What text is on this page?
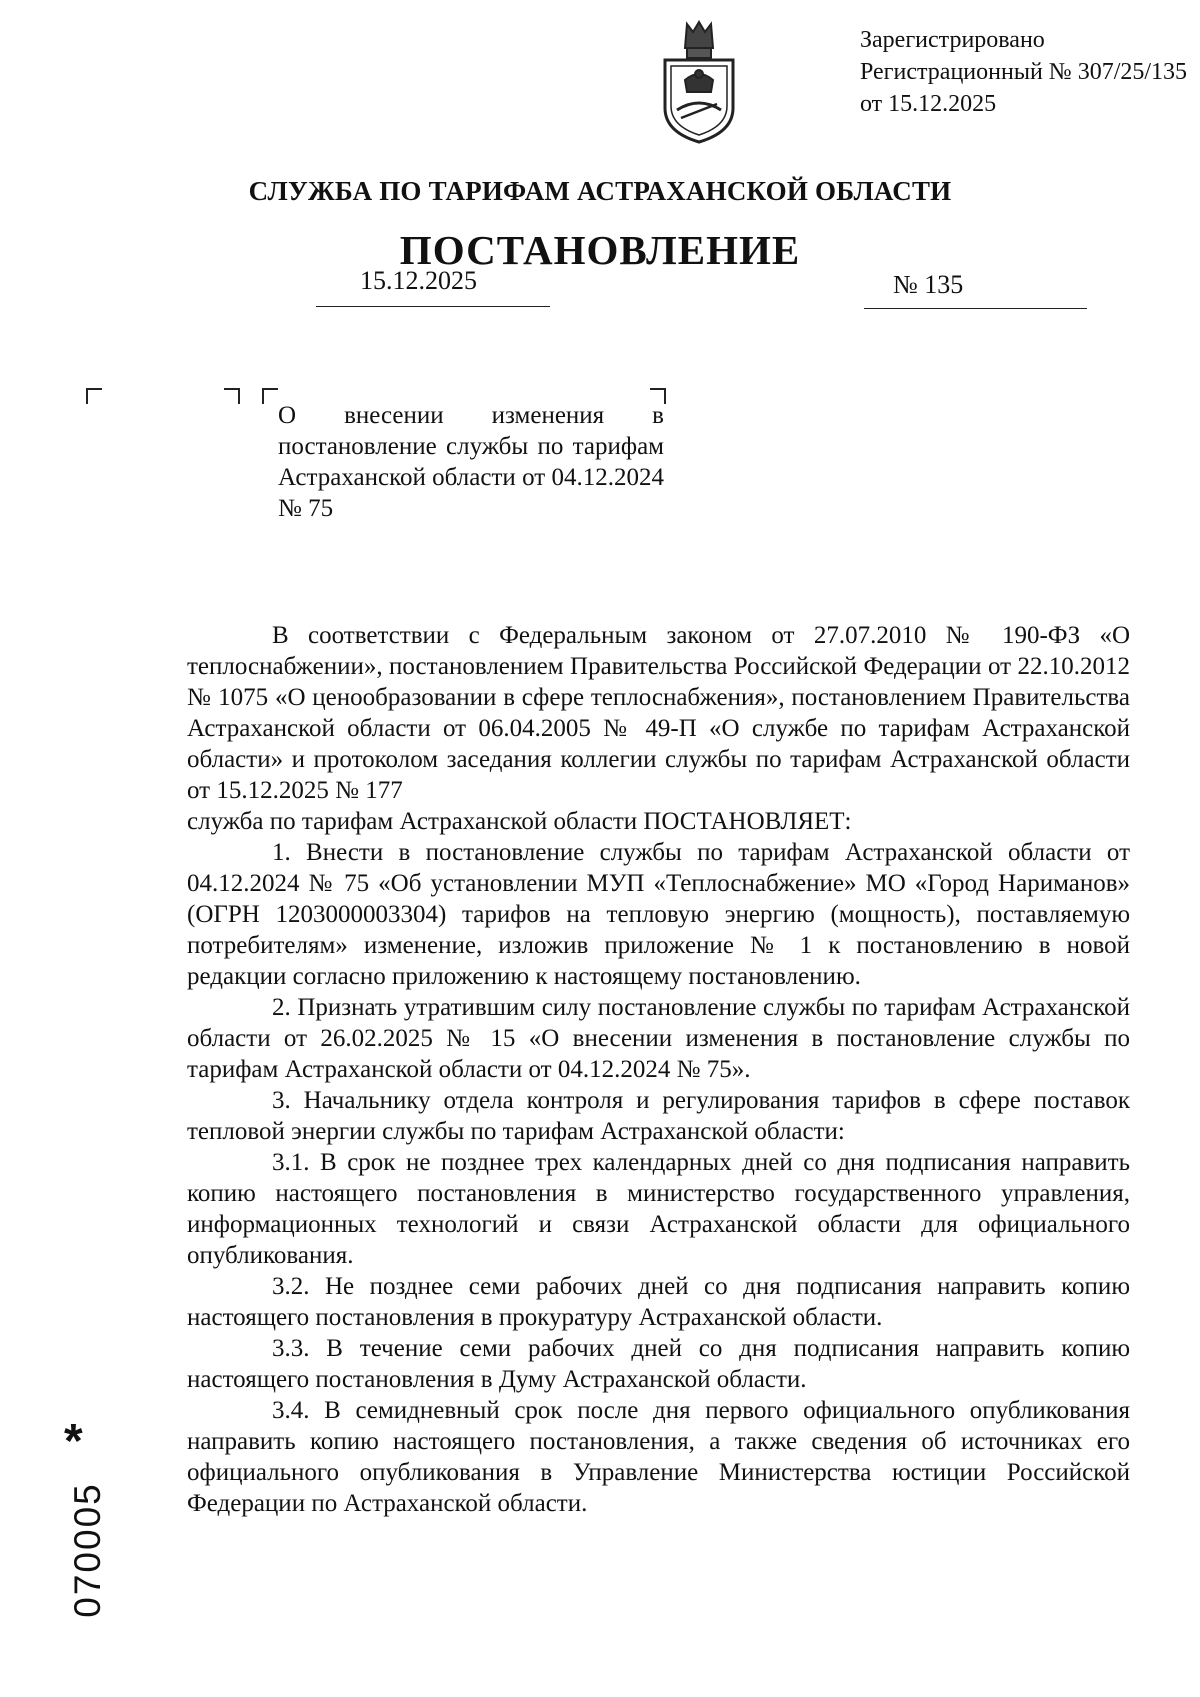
Зарегистрировано
Регистрационный № 307/25/135
от 15.12.2025
СЛУЖБА ПО ТАРИФАМ АСТРАХАНСКОЙ ОБЛАСТИ
ПОСТАНОВЛЕНИЕ
15.12.2025	№ 135
О внесении изменения в постановление службы по тарифам Астраханской области от 04.12.2024 № 75

В соответствии с Федеральным законом от 27.07.2010 № 190-ФЗ «О теплоснабжении», постановлением Правительства Российской Федерации от 22.10.2012 № 1075 «О ценообразовании в сфере теплоснабжения», постановлением Правительства Астраханской области от 06.04.2005 № 49-П «О службе по тарифам Астраханской области» и протоколом заседания коллегии службы по тарифам Астраханской области от 15.12.2025 № 177

служба по тарифам Астраханской области ПОСТАНОВЛЯЕТ:

1. Внести в постановление службы по тарифам Астраханской области от 04.12.2024 № 75 «Об установлении МУП «Теплоснабжение» МО «Город Нариманов» (ОГРН 1203000003304) тарифов на тепловую энергию (мощность), поставляемую потребителям» изменение, изложив приложение № 1 к постановлению в новой редакции согласно приложению к настоящему постановлению.

2. Признать утратившим силу постановление службы по тарифам Астраханской области от 26.02.2025 № 15 «О внесении изменения в постановление службы по тарифам Астраханской области от 04.12.2024 № 75».

3. Начальнику отдела контроля и регулирования тарифов в сфере поставок тепловой энергии службы по тарифам Астраханской области:

3.1. В срок не позднее трех календарных дней со дня подписания направить копию настоящего постановления в министерство государственного управления, информационных технологий и связи Астраханской области для официального опубликования.

3.2. Не позднее семи рабочих дней со дня подписания направить копию настоящего постановления в прокуратуру Астраханской области.

3.3. В течение семи рабочих дней со дня подписания направить копию настоящего постановления в Думу Астраханской области.

3.4. В семидневный срок после дня первого официального опубликования направить копию настоящего постановления, а также сведения об источниках его официального опубликования в Управление Министерства юстиции Российской Федерации по Астраханской области.

*
070005
